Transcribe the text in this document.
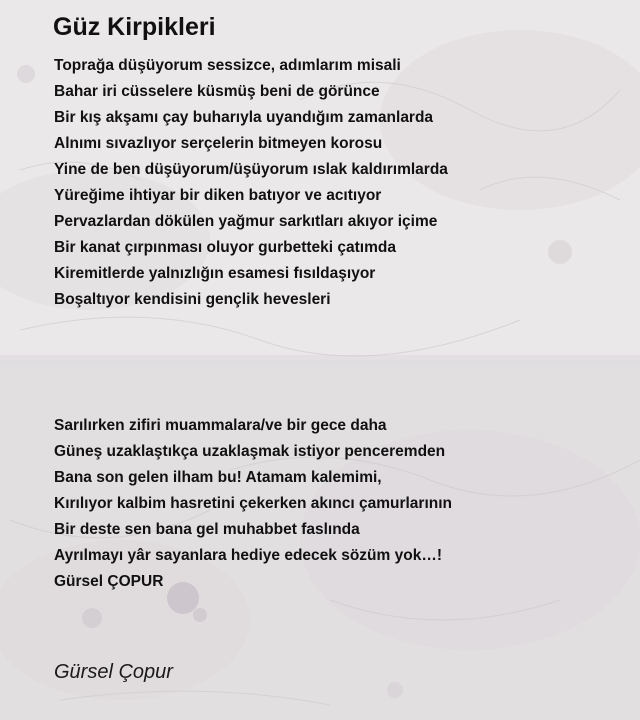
Güz Kirpikleri
Toprağa düşüyorum sessizce, adımlarım misali
Bahar iri cüsselere küsmüş beni de görünce
Bir kış akşamı çay buharıyla uyandığım zamanlarda
Alnımı sıvazlıyor serçelerin bitmeyen korosu
Yine de ben düşüyorum/üşüyorum ıslak kaldırımlarda
Yüreğime ihtiyar bir diken batıyor ve acıtıyor
Pervazlardan dökülen yağmur sarkıtları akıyor içime
Bir kanat çırpınması oluyor gurbetteki çatımda
Kiremitlerde yalnızlığın esamesi fısıldaşıyor
Boşaltıyor kendisini gençlik hevesleri
Sarılırken zifiri muammalara/ve bir gece daha
Güneş uzaklaştıkça uzaklaşmak istiyor penceremden
Bana son gelen ilham bu! Atamam kalemimi,
Kırılıyor kalbim hasretini çekerken akıncı çamurlarının
Bir deste sen bana gel muhabbet faslında
Ayrılmayı yâr sayanlara hediye edecek sözüm yok…!
Gürsel ÇOPUR
Gürsel Çopur
